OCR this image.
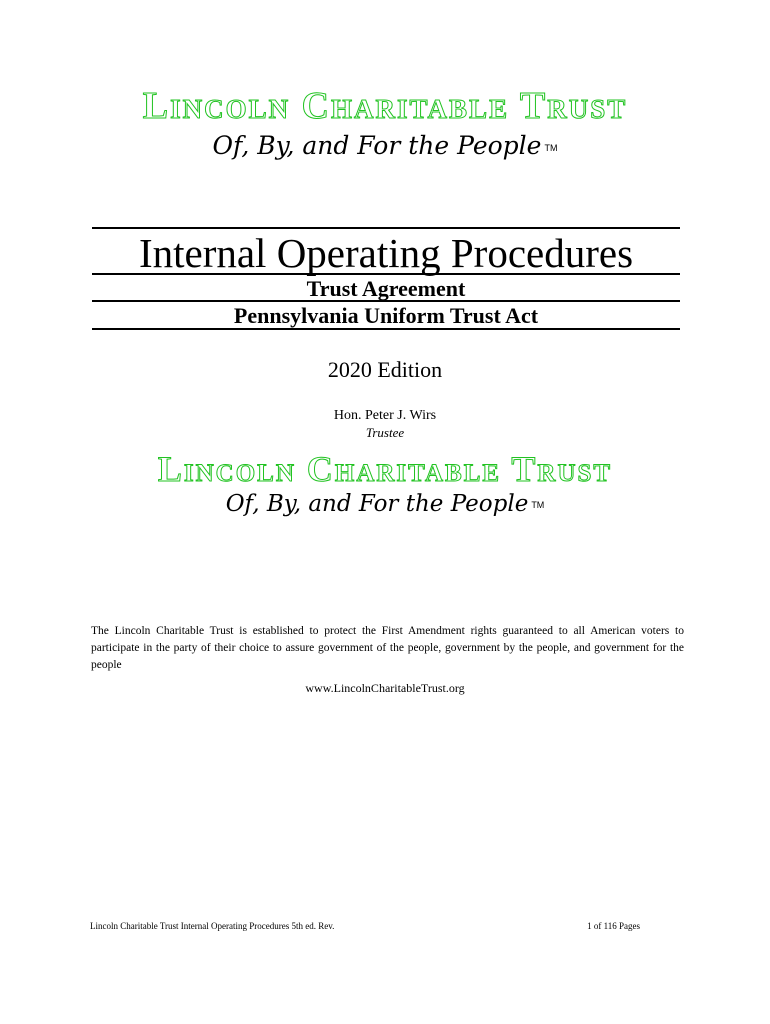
Lincoln Charitable Trust
Of, By, and For the People TM
Internal Operating Procedures
Trust Agreement
Pennsylvania Uniform Trust Act
2020 Edition
Hon. Peter J. Wirs
Trustee
Lincoln Charitable Trust
Of, By, and For the People TM
The Lincoln Charitable Trust is established to protect the First Amendment rights guaranteed to all American voters to participate in the party of their choice to assure government of the people, government by the people, and government for the people
www.LincolnCharitableTrust.org
Lincoln Charitable Trust Internal Operating Procedures 5th ed. Rev.	1 of 116 Pages
